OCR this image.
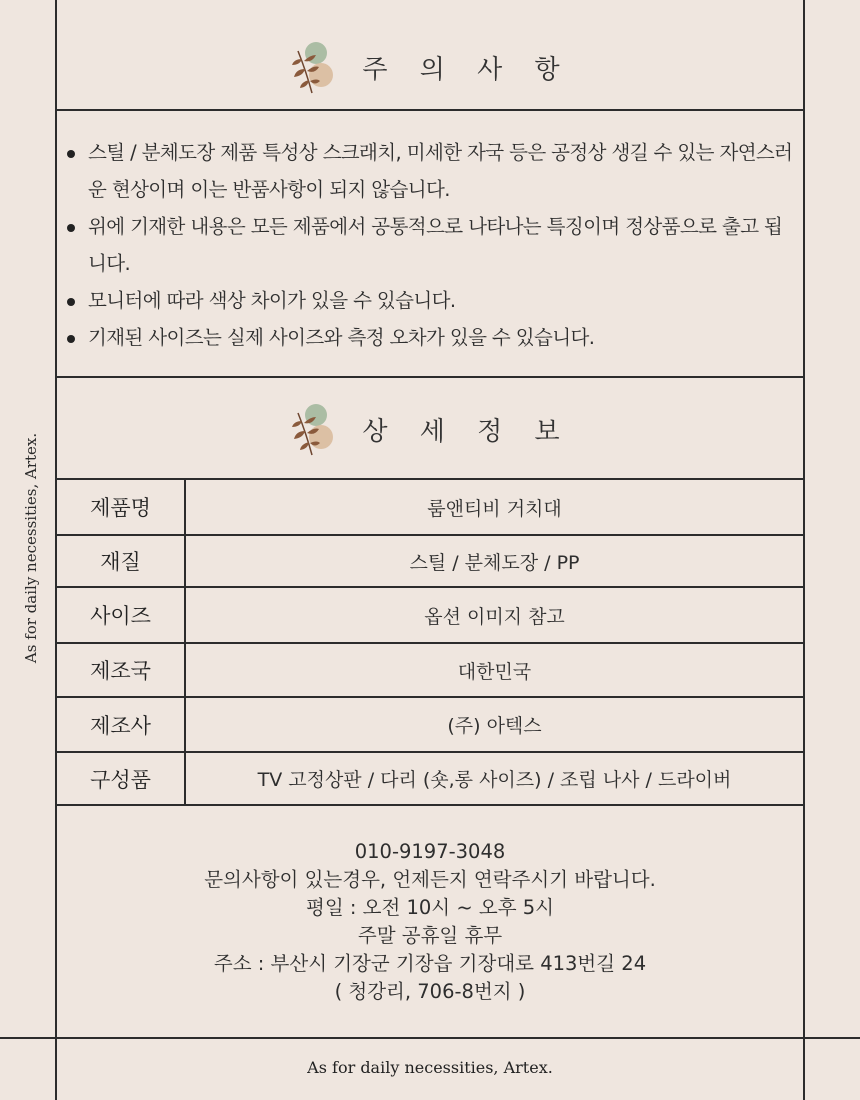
As for daily necessities, Artex.
주 의 사 항
스틸 / 분체도장 제품 특성상 스크래치, 미세한 자국 등은 공정상 생길 수 있는 자연스러운 현상이며 이는 반품사항이 되지 않습니다.
위에 기재한 내용은 모든 제품에서 공통적으로 나타나는 특징이며 정상품으로 출고 됩니다.
모니터에 따라 색상 차이가 있을 수 있습니다.
기재된 사이즈는 실제 사이즈와 측정 오차가 있을 수 있습니다.
상 세 정 보
제품명	룸앤티비 거치대
재질	스틸 / 분체도장 / PP
사이즈	옵션 이미지 참고
제조국	대한민국
제조사	(주) 아텍스
구성품	TV 고정상판 / 다리 (숏,롱 사이즈) / 조립 나사 / 드라이버
010-9197-3048
문의사항이 있는경우, 언제든지 연락주시기 바랍니다.
평일 : 오전 10시 ~ 오후 5시
주말 공휴일 휴무
주소 : 부산시 기장군 기장읍 기장대로 413번길 24
( 청강리, 706-8번지 )
As for daily necessities, Artex.
